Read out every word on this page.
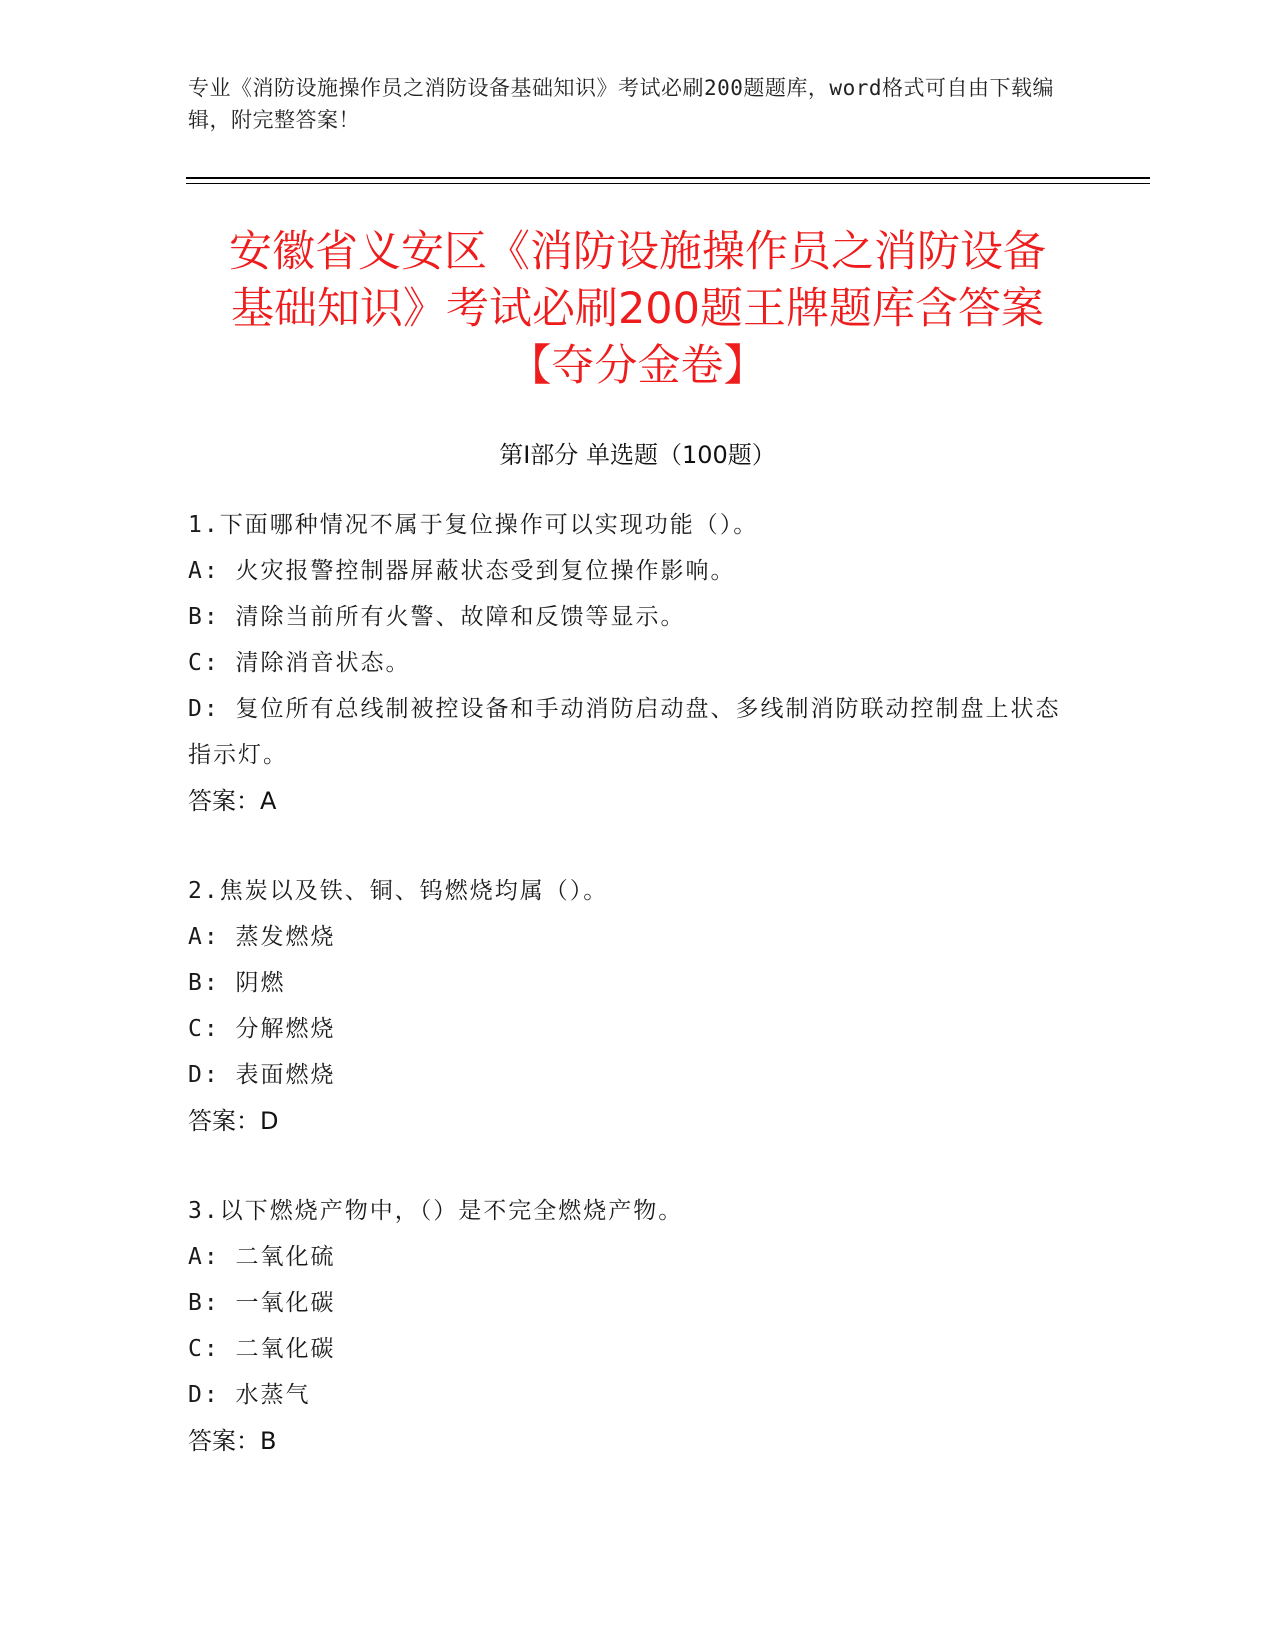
专业《消防设施操作员之消防设备基础知识》考试必刷200题题库，word格式可自由下载编辑，附完整答案！
安徽省义安区《消防设施操作员之消防设备
基础知识》考试必刷200题王牌题库含答案
【夺分金卷】
第I部分 单选题（100题）
1.下面哪种情况不属于复位操作可以实现功能（）。
A: 火灾报警控制器屏蔽状态受到复位操作影响。
B: 清除当前所有火警、故障和反馈等显示。
C: 清除消音状态。
D: 复位所有总线制被控设备和手动消防启动盘、多线制消防联动控制盘上状态指示灯。
答案：A
2.焦炭以及铁、铜、钨燃烧均属（）。
A: 蒸发燃烧
B: 阴燃
C: 分解燃烧
D: 表面燃烧
答案：D
3.以下燃烧产物中，（）是不完全燃烧产物。
A: 二氧化硫
B: 一氧化碳
C: 二氧化碳
D: 水蒸气
答案：B
